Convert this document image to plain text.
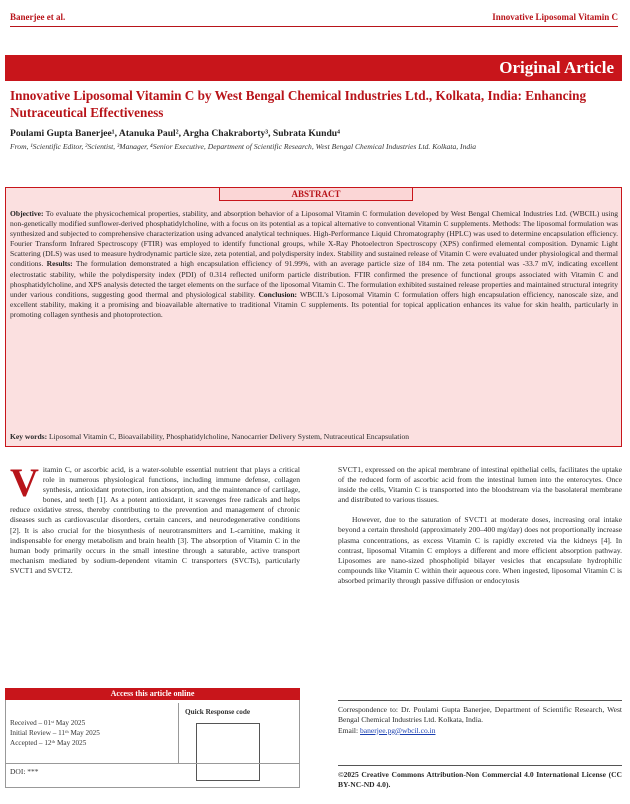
Banerjee et al.	Innovative Liposomal Vitamin C
Original Article
Innovative Liposomal Vitamin C by West Bengal Chemical Industries Ltd., Kolkata, India: Enhancing Nutraceutical Effectiveness
Poulami Gupta Banerjee¹, Atanuka Paul², Argha Chakraborty³, Subrata Kundu⁴
From, ¹Scientific Editor, ²Scientist, ³Manager, ⁴Senior Executive, Department of Scientific Research, West Bengal Chemical Industries Ltd. Kolkata, India
ABSTRACT
Objective: To evaluate the physicochemical properties, stability, and absorption behavior of a Liposomal Vitamin C formulation developed by West Bengal Chemical Industries Ltd. (WBCIL) using non-genetically modified sunflower-derived phosphatidylcholine, with a focus on its potential as a topical alternative to conventional Vitamin C supplements. Methods: The liposomal formulation was synthesized and subjected to comprehensive characterization using advanced analytical techniques. High-Performance Liquid Chromatography (HPLC) was used to determine encapsulation efficiency. Fourier Transform Infrared Spectroscopy (FTIR) was employed to identify functional groups, while X-Ray Photoelectron Spectroscopy (XPS) confirmed elemental composition. Dynamic Light Scattering (DLS) was used to measure hydrodynamic particle size, zeta potential, and polydispersity index. Stability and sustained release of Vitamin C were evaluated under physiological and thermal conditions. Results: The formulation demonstrated a high encapsulation efficiency of 91.99%, with an average particle size of 184 nm. The zeta potential was -33.7 mV, indicating excellent electrostatic stability, while the polydispersity index (PDI) of 0.314 reflected uniform particle distribution. FTIR confirmed the presence of functional groups associated with Vitamin C and phosphatidylcholine, and XPS analysis detected the target elements on the surface of the liposomal Vitamin C. The formulation exhibited sustained release properties and maintained structural integrity under various conditions, suggesting good thermal and physiological stability. Conclusion: WBCIL's Liposomal Vitamin C formulation offers high encapsulation efficiency, nanoscale size, and excellent stability, making it a promising and bioavailable alternative to traditional Vitamin C supplements. Its potential for topical application enhances its value for skin health, particularly in promoting collagen synthesis and photoprotection.
Key words: Liposomal Vitamin C, Bioavailability, Phosphatidylcholine, Nanocarrier Delivery System, Nutraceutical Encapsulation
Vitamin C, or ascorbic acid, is a water-soluble essential nutrient that plays a critical role in numerous physiological functions, including immune defense, collagen synthesis, antioxidant protection, iron absorption, and the maintenance of cartilage, bones, and teeth [1]. As a potent antioxidant, it scavenges free radicals and helps reduce oxidative stress, thereby contributing to the prevention and management of chronic diseases such as cardiovascular disorders, certain cancers, and neurodegenerative conditions [2]. It is also crucial for the biosynthesis of neurotransmitters and L-carnitine, making it indispensable for energy metabolism and brain health [3]. The absorption of Vitamin C in the human body primarily occurs in the small intestine through a saturable, active transport mechanism mediated by sodium-dependent vitamin C transporters (SVCTs), particularly SVCT1 and SVCT2.

SVCT1, expressed on the apical membrane of intestinal epithelial cells, facilitates the uptake of the reduced form of ascorbic acid from the intestinal lumen into the enterocytes. Once inside the cells, Vitamin C is transported into the bloodstream via the basolateral membrane and distributed to various tissues.

However, due to the saturation of SVCT1 at moderate doses, increasing oral intake beyond a certain threshold (approximately 200–400 mg/day) does not proportionally increase plasma concentrations, as excess Vitamin C is rapidly excreted via the kidneys [4]. In contrast, liposomal Vitamin C employs a different and more efficient absorption pathway. Liposomes are nano-sized phospholipid bilayer vesicles that encapsulate hydrophilic compounds like Vitamin C within their aqueous core. When ingested, liposomal Vitamin C is absorbed primarily through passive diffusion or endocytosis

Access this article online
Received – 01ˢᵗ May 2025
Initial Review – 11ᵗʰ May 2025
Accepted – 12ᵗʰ May 2025
Quick Response code
DOI: ***
Correspondence to: Dr. Poulami Gupta Banerjee, Department of Scientific Research, West Bengal Chemical Industries Ltd. Kolkata, India.
Email: banerjee.pg@wbcil.co.in
©2025 Creative Commons Attribution-Non Commercial 4.0 International License (CC BY-NC-ND 4.0).
